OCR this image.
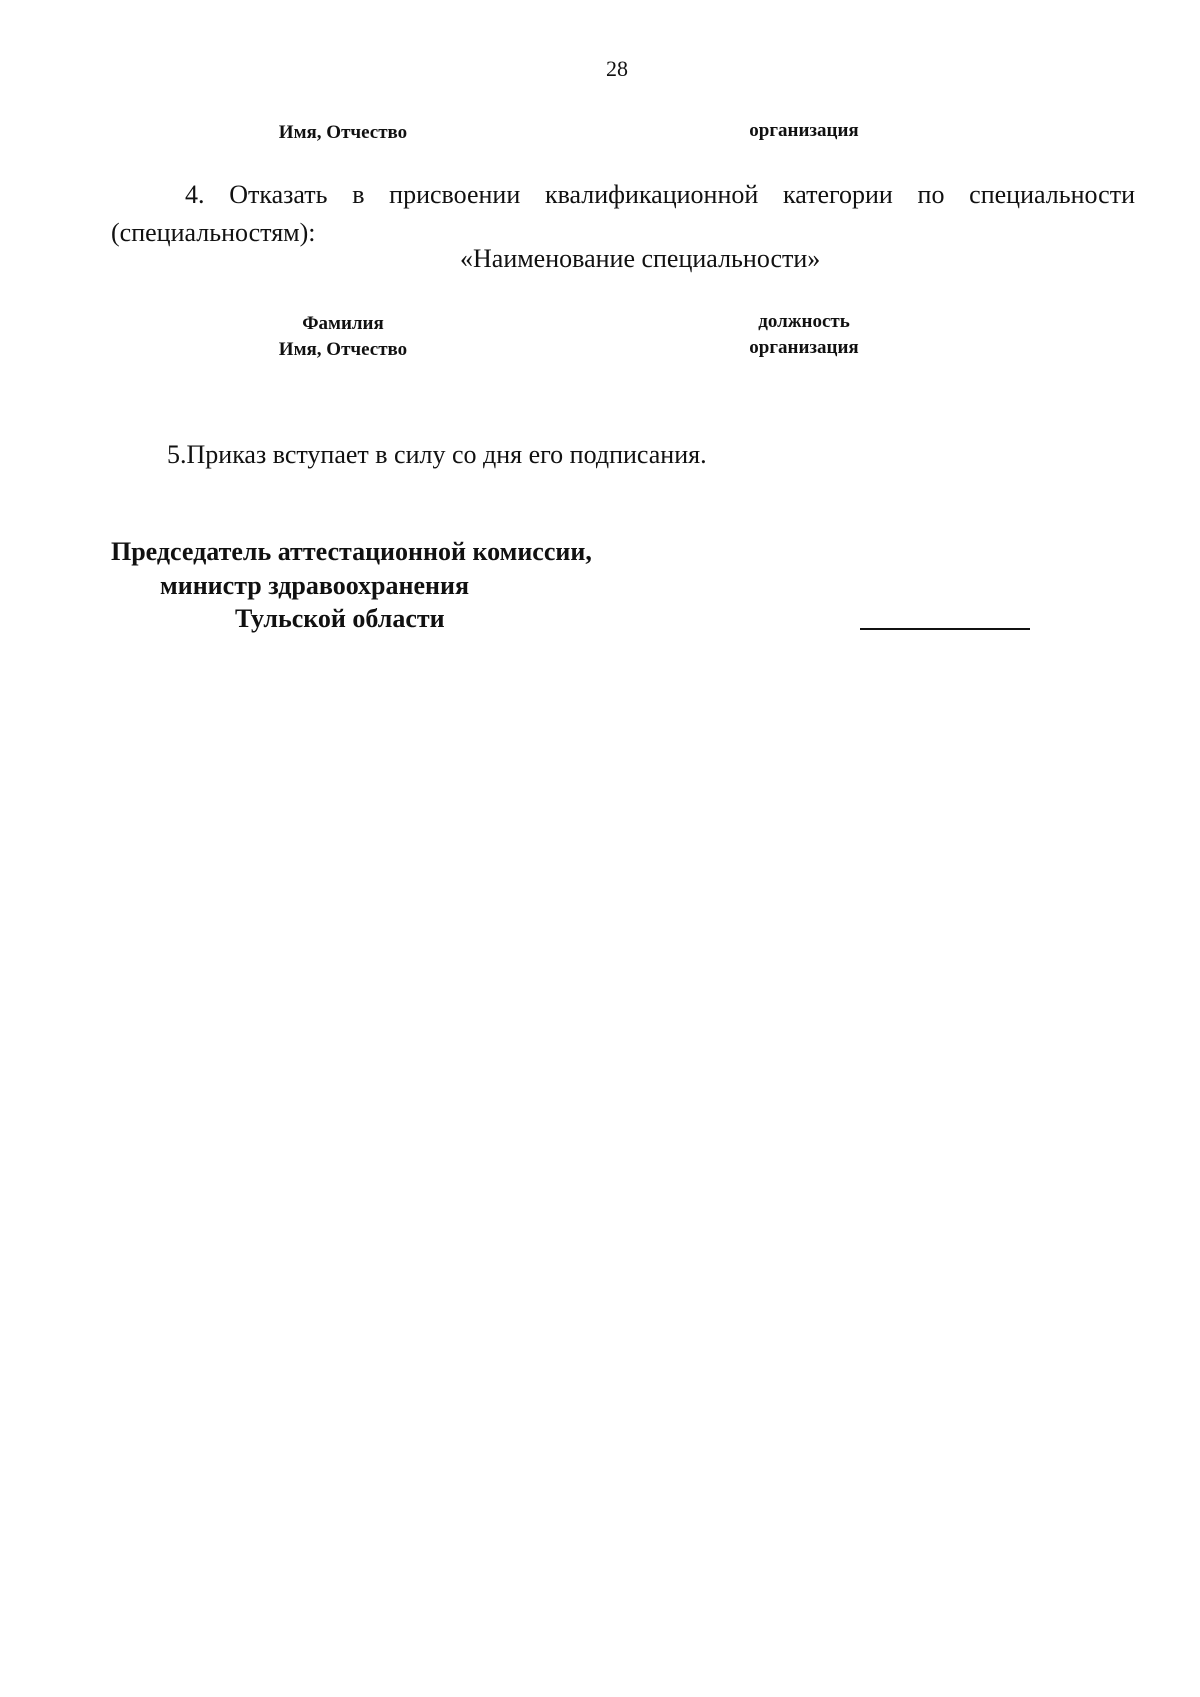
28
Имя, Отчество	организация
4. Отказать в присвоении квалификационной категории по специальности (специальностям):
«Наименование специальности»
Фамилия
Имя, Отчество
должность
организация
5.Приказ вступает в силу со дня его подписания.
Председатель аттестационной комиссии,
министр здравоохранения
Тульской области
